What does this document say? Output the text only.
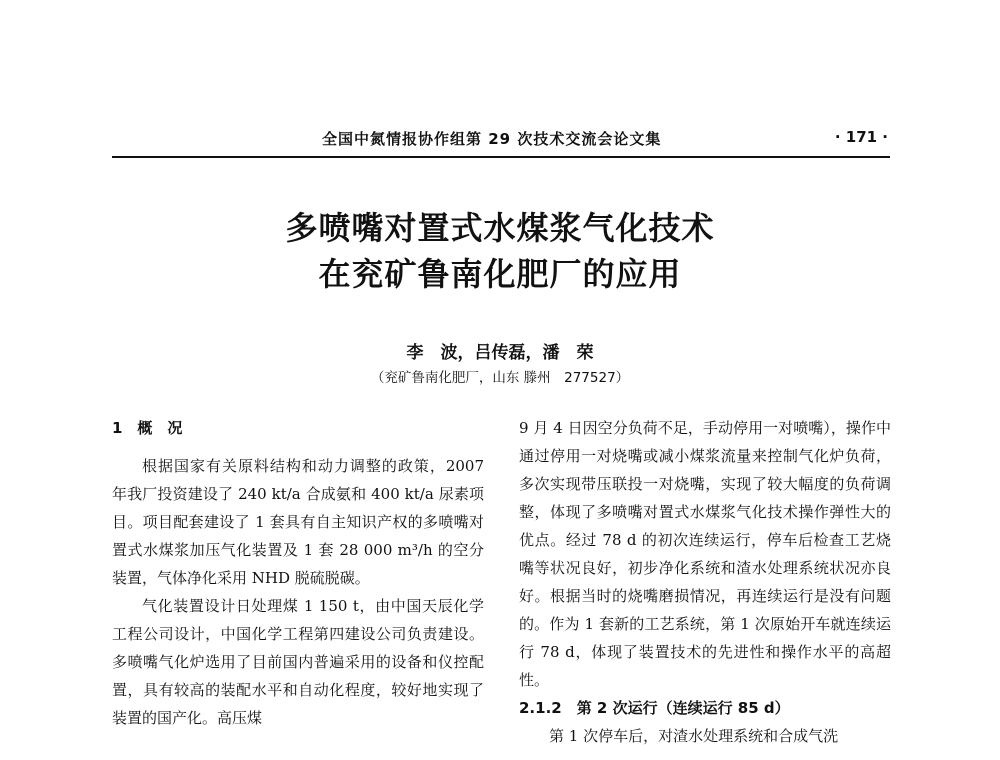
全国中氮情报协作组第 29 次技术交流会论文集	· 171 ·
多喷嘴对置式水煤浆气化技术
在兖矿鲁南化肥厂的应用
李　波，吕传磊，潘　荣
（兖矿鲁南化肥厂，山东 滕州　277527）
1　概　况

根据国家有关原料结构和动力调整的政策，2007 年我厂投资建设了 240 kt/a 合成氨和 400 kt/a 尿素项目。项目配套建设了 1 套具有自主知识产权的多喷嘴对置式水煤浆加压气化装置及 1 套 28 000 m³/h 的空分装置，气体净化采用 NHD 脱硫脱碳。

气化装置设计日处理煤 1 150 t，由中国天辰化学工程公司设计，中国化学工程第四建设公司负责建设。多喷嘴气化炉选用了目前国内普遍采用的设备和仪控配置，具有较高的装配水平和自动化程度，较好地实现了装置的国产化。高压煤

9 月 4 日因空分负荷不足，手动停用一对喷嘴），操作中通过停用一对烧嘴或减小煤浆流量来控制气化炉负荷，多次实现带压联投一对烧嘴，实现了较大幅度的负荷调整，体现了多喷嘴对置式水煤浆气化技术操作弹性大的优点。经过 78 d 的初次连续运行，停车后检查工艺烧嘴等状况良好，初步净化系统和渣水处理系统状况亦良好。根据当时的烧嘴磨损情况，再连续运行是没有问题的。作为 1 套新的工艺系统，第 1 次原始开车就连续运行 78 d，体现了装置技术的先进性和操作水平的高超性。

2.1.2　第 2 次运行（连续运行 85 d）

第 1 次停车后，对渣水处理系统和合成气洗
